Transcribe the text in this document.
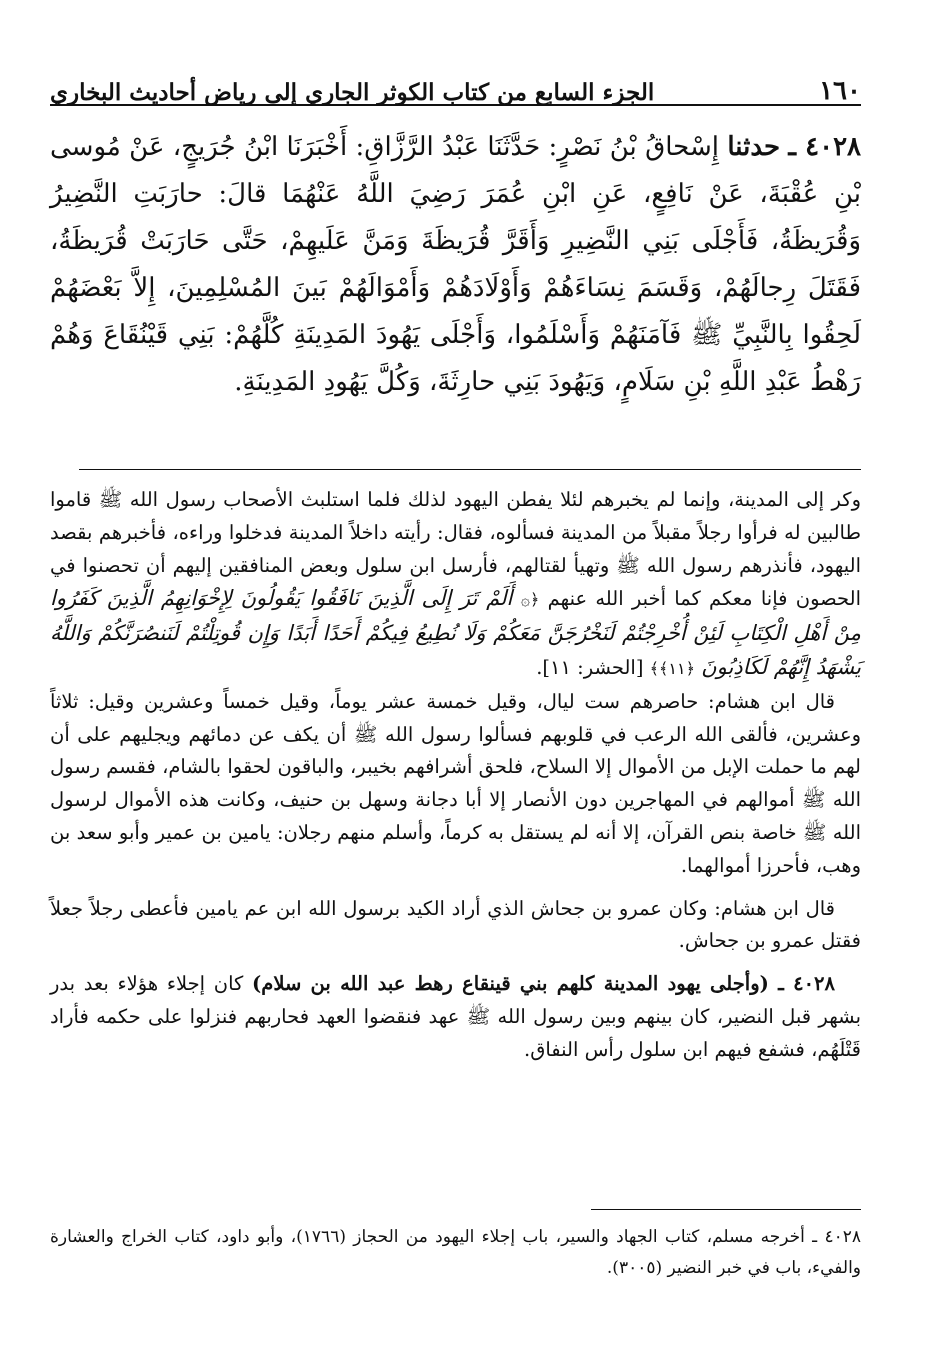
١٦٠
الجزء السابع من كتاب الكوثر الجاري إلى رياض أحاديث البخاري
٤٠٢٨ ـ حدثنا إِسْحاقُ بْنُ نَصْرٍ: حَدَّثَنَا عَبْدُ الرَّزَّاقِ: أَخْبَرَنَا ابْنُ جُرَيجٍ، عَنْ مُوسى بْنِ عُقْبَةَ، عَنْ نَافِعٍ، عَنِ ابْنِ عُمَرَ رَضِيَ اللَّهُ عَنْهُمَا قالَ: حارَبَتِ النَّضِيرُ وَقُرَيظَةُ، فَأَجْلَى بَنِي النَّضِيرِ وَأَقَرَّ قُرَيظَةَ وَمَنَّ عَلَيهِمْ، حَتَّى حَارَبَتْ قُرَيظَةُ، فَقَتَلَ رِجالَهُمْ، وَقَسَمَ نِسَاءَهُمْ وَأَوْلَادَهُمْ وَأَمْوَالَهُمْ بَينَ المُسْلِمِينَ، إِلاَّ بَعْضَهُمْ لَحِقُوا بِالنَّبِيِّ ﷺ فَآمَنَهُمْ وَأَسْلَمُوا، وَأَجْلَى يَهُودَ المَدِينَةِ كُلَّهُمْ: بَنِي قَيْنُقَاعَ وَهُمْ رَهْطُ عَبْدِ اللَّهِ بْنِ سَلَامٍ، وَيَهُودَ بَنِي حارِثَةَ، وَكُلَّ يَهُودِ المَدِينَةِ.

وكر إلى المدينة، وإنما لم يخبرهم لئلا يفطن اليهود لذلك فلما استلبث الأصحاب رسول الله ﷺ قاموا طالبين له فرأوا رجلاً مقبلاً من المدينة فسألوه، فقال: رأيته داخلاً المدينة فدخلوا وراءه، فأخبرهم بقصد اليهود، فأنذرهم رسول الله ﷺ وتهيأ لقتالهم، فأرسل ابن سلول وبعض المنافقين إليهم أن تحصنوا في الحصون فإنا معكم كما أخبر الله عنهم ﴿۞ أَلَمْ تَرَ إِلَى الَّذِينَ نَافَقُوا يَقُولُونَ لِإِخْوَانِهِمُ الَّذِينَ كَفَرُوا مِنْ أَهْلِ الْكِتَابِ لَئِنْ أُخْرِجْتُمْ لَنَخْرُجَنَّ مَعَكُمْ وَلَا نُطِيعُ فِيكُمْ أَحَدًا أَبَدًا وَإِن قُوتِلْتُمْ لَنَنصُرَنَّكُمْ وَاللَّهُ يَشْهَدُ إِنَّهُمْ لَكَاذِبُونَ ﴿١١﴾﴾ [الحشر: ١١].

قال ابن هشام: حاصرهم ست ليال، وقيل خمسة عشر يوماً، وقيل خمساً وعشرين وقيل: ثلاثاً وعشرين، فألقى الله الرعب في قلوبهم فسألوا رسول الله ﷺ أن يكف عن دمائهم ويجليهم على أن لهم ما حملت الإبل من الأموال إلا السلاح، فلحق أشرافهم بخيبر، والباقون لحقوا بالشام، فقسم رسول الله ﷺ أموالهم في المهاجرين دون الأنصار إلا أبا دجانة وسهل بن حنيف، وكانت هذه الأموال لرسول الله ﷺ خاصة بنص القرآن، إلا أنه لم يستقل به كرماً، وأسلم منهم رجلان: يامين بن عمير وأبو سعد بن وهب، فأحرزا أموالهما.

قال ابن هشام: وكان عمرو بن جحاش الذي أراد الكيد برسول الله ابن عم يامين فأعطى رجلاً جعلاً فقتل عمرو بن جحاش.

٤٠٢٨ ـ (وأجلى يهود المدينة كلهم بني قينقاع رهط عبد الله بن سلام) كان إجلاء هؤلاء بعد بدر بشهر قبل النضير، كان بينهم وبين رسول الله ﷺ عهد فنقضوا العهد فحاربهم فنزلوا على حكمه فأراد قَتْلَهُم، فشفع فيهم ابن سلول رأس النفاق.

٤٠٢٨ ـ أخرجه مسلم، كتاب الجهاد والسير، باب إجلاء اليهود من الحجاز (١٧٦٦)، وأبو داود، كتاب الخراج والعشارة والفيء، باب في خبر النضير (٣٠٠٥).
